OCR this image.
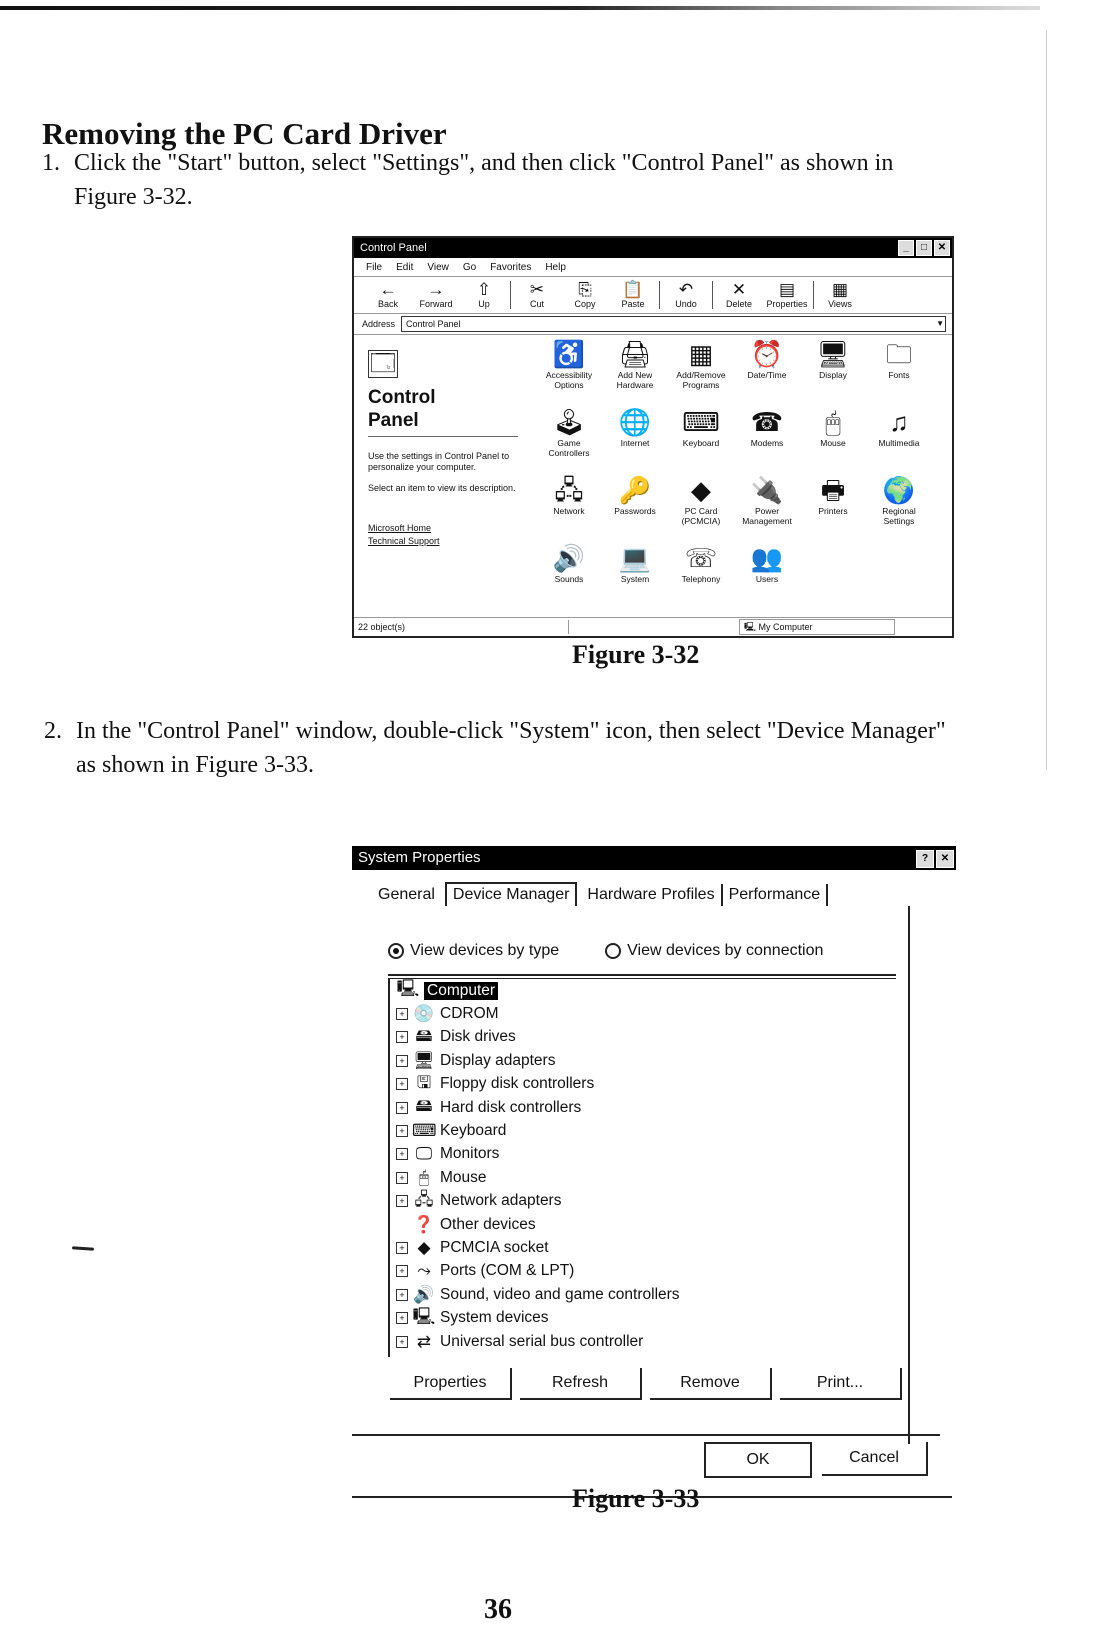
Removing the PC Card Driver
1. Click the "Start" button, select "Settings", and then click "Control Panel" as shown in Figure 3-32.
Control Panel	_	□	✕
File Edit View Go Favorites Help
←
Back
→
Forward
⇧
Up
✂
Cut
⎘
Copy
📋
Paste
↶
Undo
✕
Delete
▤
Properties
▦
Views
Address	Control Panel	▼
🗔
Control Panel
Use the settings in Control Panel to personalize your computer.
Select an item to view its description.
Microsoft Home
Technical Support
♿
Accessibility Options
🖨
Add New Hardware
▦
Add/Remove Programs
⏰
Date/Time
🖥
Display
🗀
Fonts
🕹
Game Controllers
🌐
Internet
⌨
Keyboard
☎
Modems
🖱
Mouse
♫
Multimedia
🖧
Network
🔑
Passwords
◆
PC Card (PCMCIA)
🔌
Power Management
🖶
Printers
🌍
Regional Settings
🔊
Sounds
💻
System
☏
Telephony
👥
Users
22 object(s)	🖳 My Computer
Figure 3-32
2. In the "Control Panel" window, double-click "System" icon, then select "Device Manager" as shown in Figure 3-33.
System Properties	?	✕
General	Device Manager	Hardware Profiles Performance
View devices by type	View devices by connection
🖳 Computer
+ 💿 CDROM
+ 🖴 Disk drives
+ 🖥 Display adapters
+ 🖫 Floppy disk controllers
+ 🖴 Hard disk controllers
+ ⌨ Keyboard
+ 🖵 Monitors
+ 🖱 Mouse
+ 🖧 Network adapters
❓ Other devices
+ ◆ PCMCIA socket
+ ⤳ Ports (COM & LPT)
+ 🔊 Sound, video and game controllers
+ 🖳 System devices
+ ⇄ Universal serial bus controller
Properties	Refresh	Remove	Print...
OK	Cancel
Figure 3-33
36
